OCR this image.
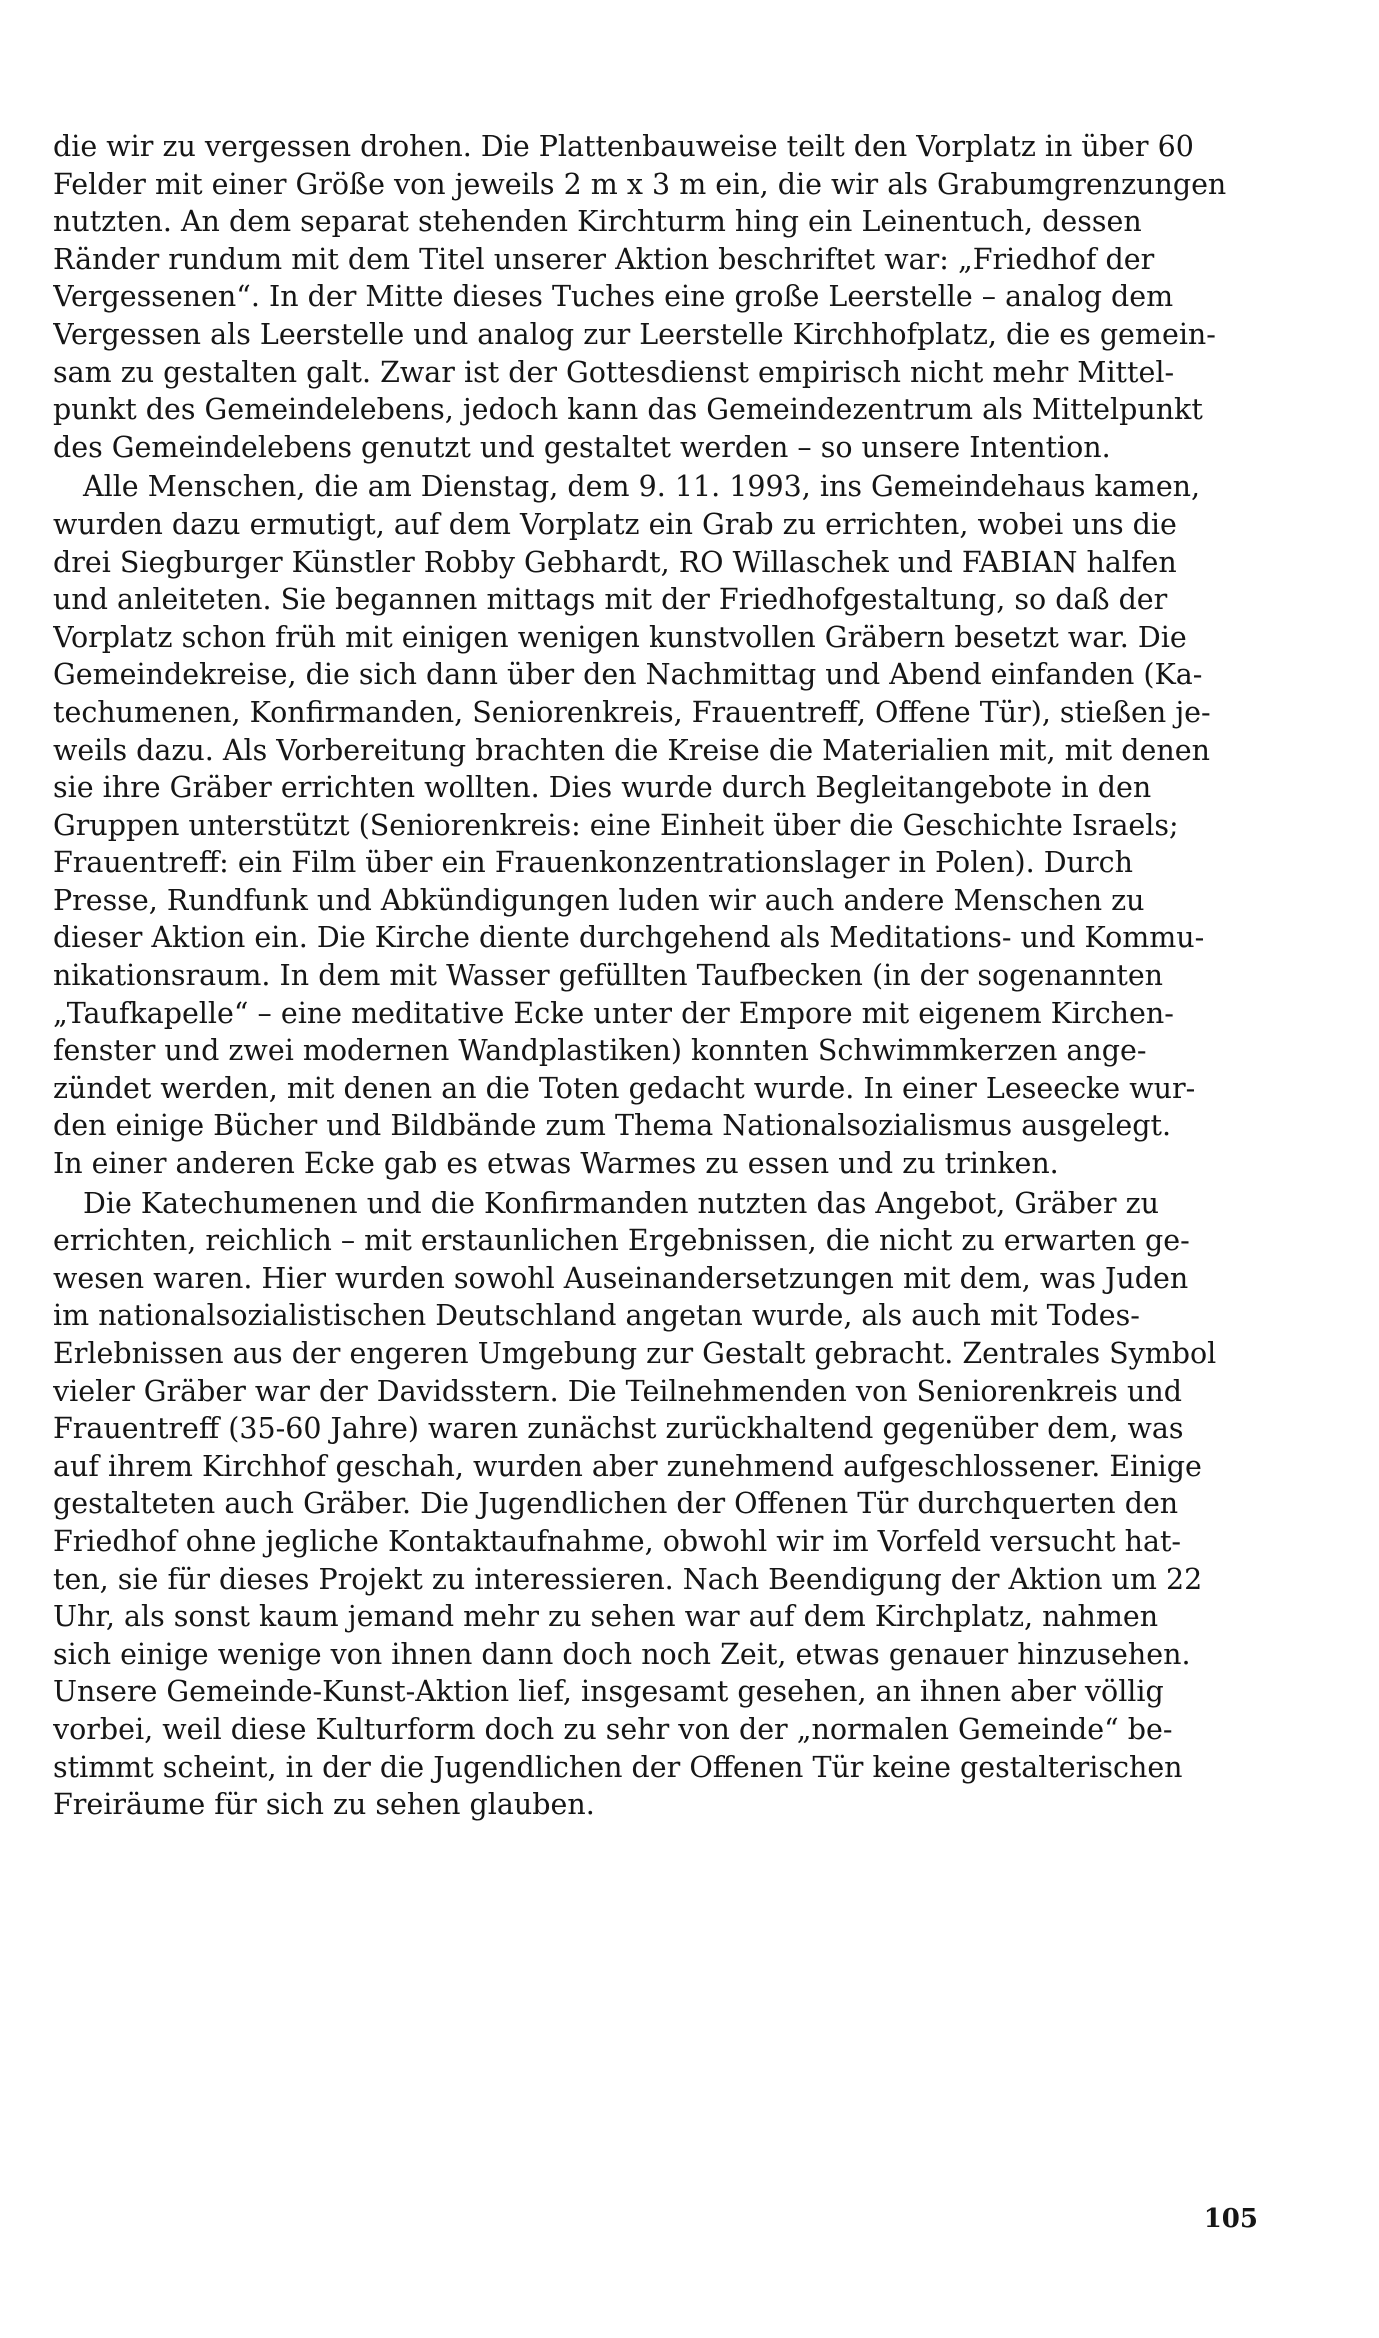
die wir zu vergessen drohen. Die Plattenbauweise teilt den Vorplatz in über 60
Felder mit einer Größe von jeweils 2 m x 3 m ein, die wir als Grabumgrenzungen
nutzten. An dem separat stehenden Kirchturm hing ein Leinentuch, dessen
Ränder rundum mit dem Titel unserer Aktion beschriftet war: „Friedhof der
Vergessenen“. In der Mitte dieses Tuches eine große Leerstelle – analog dem
Vergessen als Leerstelle und analog zur Leerstelle Kirchhofplatz, die es gemein-
sam zu gestalten galt. Zwar ist der Gottesdienst empirisch nicht mehr Mittel-
punkt des Gemeindelebens, jedoch kann das Gemeindezentrum als Mittelpunkt
des Gemeindelebens genutzt und gestaltet werden – so unsere Intention.

Alle Menschen, die am Dienstag, dem 9. 11. 1993, ins Gemeindehaus kamen,
wurden dazu ermutigt, auf dem Vorplatz ein Grab zu errichten, wobei uns die
drei Siegburger Künstler Robby Gebhardt, RO Willaschek und FABIAN halfen
und anleiteten. Sie begannen mittags mit der Friedhofgestaltung, so daß der
Vorplatz schon früh mit einigen wenigen kunstvollen Gräbern besetzt war. Die
Gemeindekreise, die sich dann über den Nachmittag und Abend einfanden (Ka-
techumenen, Konfirmanden, Seniorenkreis, Frauentreff, Offene Tür), stießen je-
weils dazu. Als Vorbereitung brachten die Kreise die Materialien mit, mit denen
sie ihre Gräber errichten wollten. Dies wurde durch Begleitangebote in den
Gruppen unterstützt (Seniorenkreis: eine Einheit über die Geschichte Israels;
Frauentreff: ein Film über ein Frauenkonzentrationslager in Polen). Durch
Presse, Rundfunk und Abkündigungen luden wir auch andere Menschen zu
dieser Aktion ein. Die Kirche diente durchgehend als Meditations- und Kommu-
nikationsraum. In dem mit Wasser gefüllten Taufbecken (in der sogenannten
„Taufkapelle“ – eine meditative Ecke unter der Empore mit eigenem Kirchen-
fenster und zwei modernen Wandplastiken) konnten Schwimmkerzen ange-
zündet werden, mit denen an die Toten gedacht wurde. In einer Leseecke wur-
den einige Bücher und Bildbände zum Thema Nationalsozialismus ausgelegt.
In einer anderen Ecke gab es etwas Warmes zu essen und zu trinken.

Die Katechumenen und die Konfirmanden nutzten das Angebot, Gräber zu
errichten, reichlich – mit erstaunlichen Ergebnissen, die nicht zu erwarten ge-
wesen waren. Hier wurden sowohl Auseinandersetzungen mit dem, was Juden
im nationalsozialistischen Deutschland angetan wurde, als auch mit Todes-
Erlebnissen aus der engeren Umgebung zur Gestalt gebracht. Zentrales Symbol
vieler Gräber war der Davidsstern. Die Teilnehmenden von Seniorenkreis und
Frauentreff (35-60 Jahre) waren zunächst zurückhaltend gegenüber dem, was
auf ihrem Kirchhof geschah, wurden aber zunehmend aufgeschlossener. Einige
gestalteten auch Gräber. Die Jugendlichen der Offenen Tür durchquerten den
Friedhof ohne jegliche Kontaktaufnahme, obwohl wir im Vorfeld versucht hat-
ten, sie für dieses Projekt zu interessieren. Nach Beendigung der Aktion um 22
Uhr, als sonst kaum jemand mehr zu sehen war auf dem Kirchplatz, nahmen
sich einige wenige von ihnen dann doch noch Zeit, etwas genauer hinzusehen.
Unsere Gemeinde-Kunst-Aktion lief, insgesamt gesehen, an ihnen aber völlig
vorbei, weil diese Kulturform doch zu sehr von der „normalen Gemeinde“ be-
stimmt scheint, in der die Jugendlichen der Offenen Tür keine gestalterischen
Freiräume für sich zu sehen glauben.

105
